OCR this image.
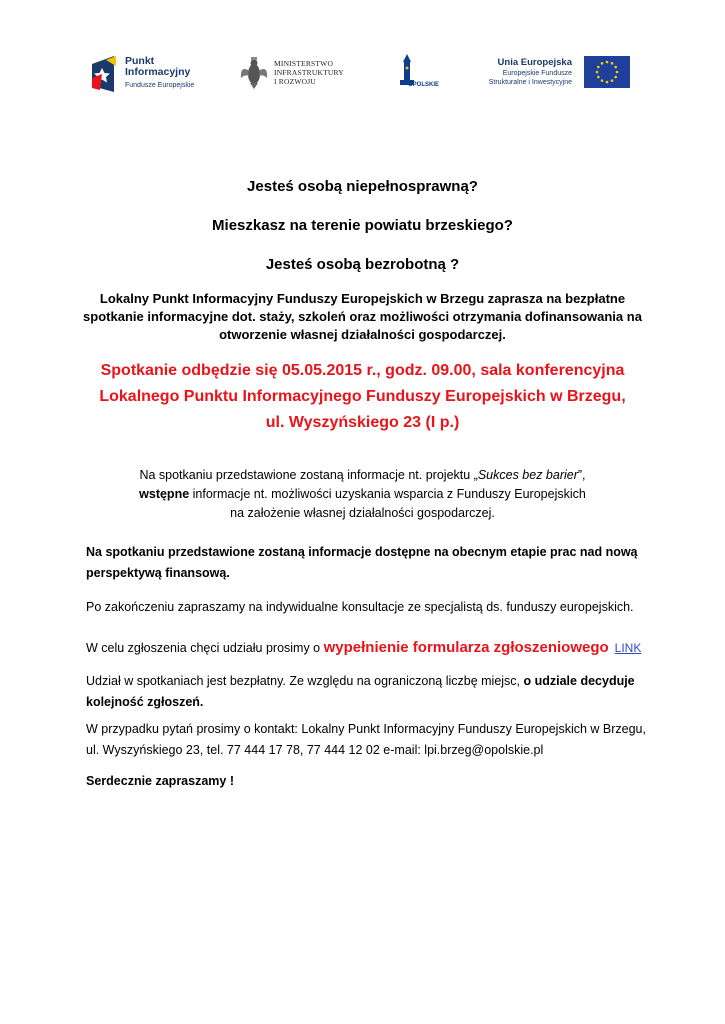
Punkt
Informacyjny
Fundusze Europejskie
MINISTERSTWO
INFRASTRUKTURY
I ROZWOJU	OPOLSKIE
Unia Europejska
Europejskie Fundusze
Strukturalne i Inwestycyjne
Jesteś osobą niepełnosprawną?
Mieszkasz na terenie powiatu brzeskiego?
Jesteś osobą bezrobotną ?
Lokalny Punkt Informacyjny Funduszy Europejskich w Brzegu zaprasza na bezpłatne
spotkanie informacyjne dot. staży, szkoleń oraz możliwości otrzymania dofinansowania na
otworzenie własnej działalności gospodarczej.
Spotkanie odbędzie się 05.05.2015 r., godz. 09.00, sala konferencyjna
Lokalnego Punktu Informacyjnego Funduszy Europejskich w Brzegu,
ul. Wyszyńskiego 23 (I p.)
Na spotkaniu przedstawione zostaną informacje nt. projektu „Sukces bez barier”,
wstępne informacje nt. możliwości uzyskania wsparcia z Funduszy Europejskich
na założenie własnej działalności gospodarczej.
Na spotkaniu przedstawione zostaną informacje dostępne na obecnym etapie prac nad nową
perspektywą finansową.
Po zakończeniu zapraszamy na indywidualne konsultacje ze specjalistą ds. funduszy europejskich.
W celu zgłoszenia chęci udziału prosimy o wypełnienie formularza zgłoszeniowego LINK
Udział w spotkaniach jest bezpłatny. Ze względu na ograniczoną liczbę miejsc, o udziale decyduje
kolejność zgłoszeń.
W przypadku pytań prosimy o kontakt: Lokalny Punkt Informacyjny Funduszy Europejskich w Brzegu,
ul. Wyszyńskiego 23, tel. 77 444 17 78, 77 444 12 02 e-mail: lpi.brzeg@opolskie.pl
Serdecznie zapraszamy !
